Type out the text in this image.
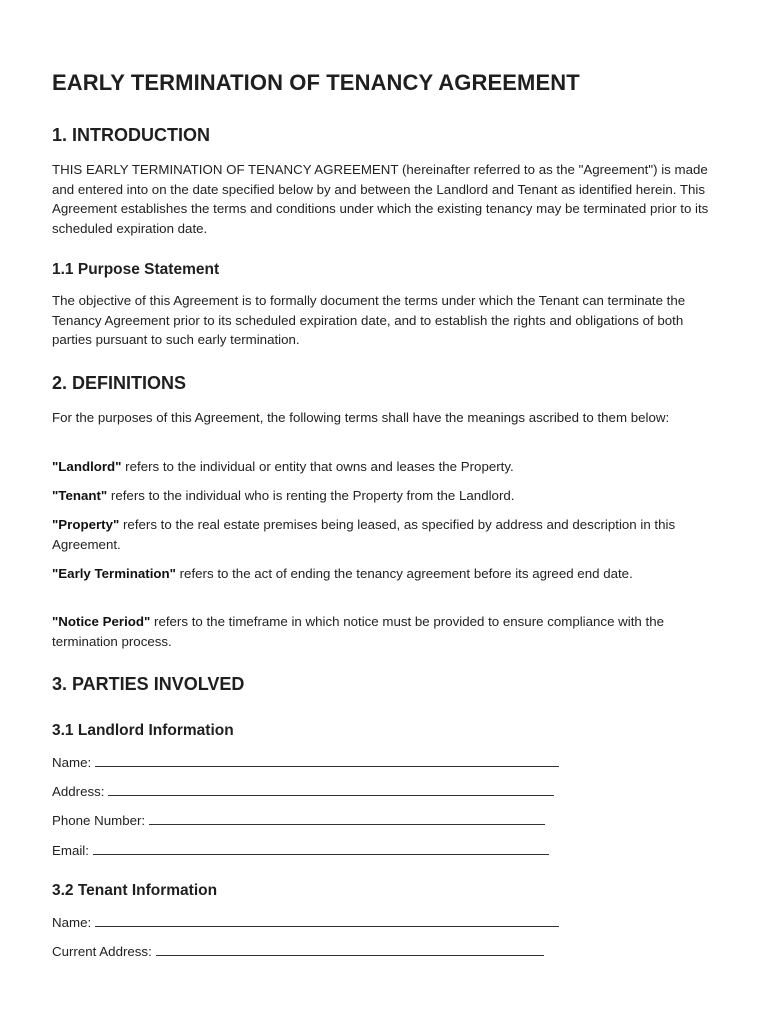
EARLY TERMINATION OF TENANCY AGREEMENT
1. INTRODUCTION
THIS EARLY TERMINATION OF TENANCY AGREEMENT (hereinafter referred to as the "Agreement") is made and entered into on the date specified below by and between the Landlord and Tenant as identified herein. This Agreement establishes the terms and conditions under which the existing tenancy may be terminated prior to its scheduled expiration date.
1.1 Purpose Statement
The objective of this Agreement is to formally document the terms under which the Tenant can terminate the Tenancy Agreement prior to its scheduled expiration date, and to establish the rights and obligations of both parties pursuant to such early termination.
2. DEFINITIONS
For the purposes of this Agreement, the following terms shall have the meanings ascribed to them below:
"Landlord" refers to the individual or entity that owns and leases the Property.
"Tenant" refers to the individual who is renting the Property from the Landlord.
"Property" refers to the real estate premises being leased, as specified by address and description in this Agreement.
"Early Termination" refers to the act of ending the tenancy agreement before its agreed end date.
"Notice Period" refers to the timeframe in which notice must be provided to ensure compliance with the termination process.
3. PARTIES INVOLVED
3.1 Landlord Information
Name:
Address:
Phone Number:
Email:
3.2 Tenant Information
Name:
Current Address:
